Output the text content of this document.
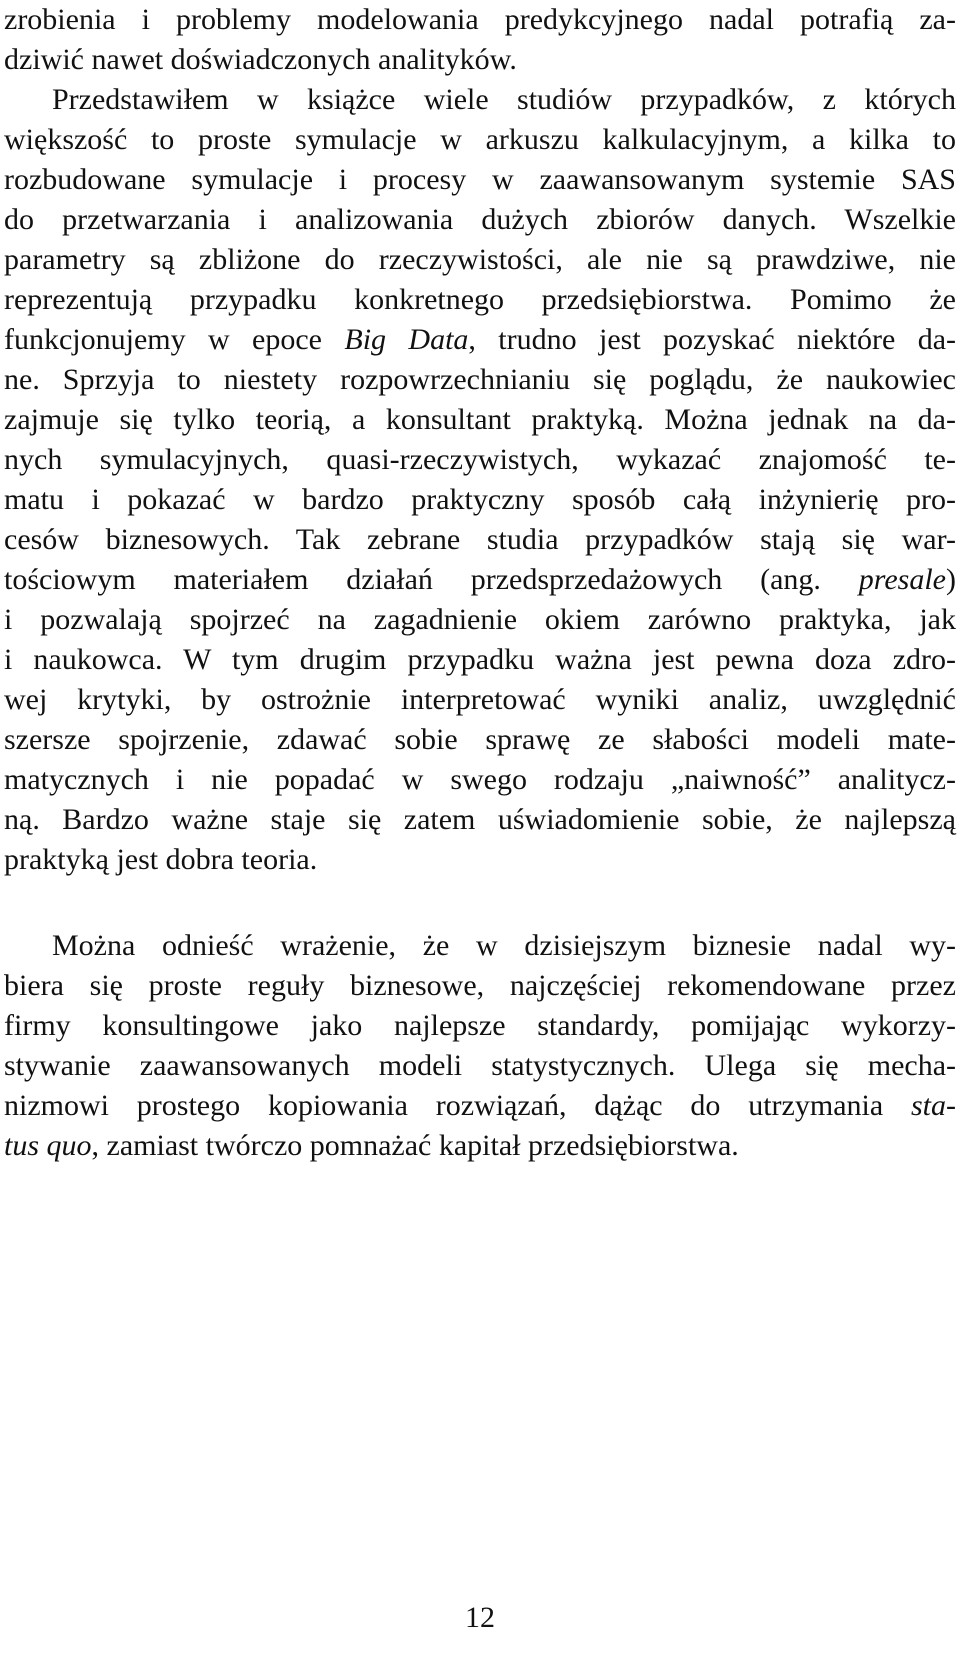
zrobienia i problemy modelowania predykcyjnego nadal potrafią za-
dziwić nawet doświadczonych analityków.
Przedstawiłem w książce wiele studiów przypadków, z których
większość to proste symulacje w arkuszu kalkulacyjnym, a kilka to
rozbudowane symulacje i procesy w zaawansowanym systemie SAS
do przetwarzania i analizowania dużych zbiorów danych. Wszelkie
parametry są zbliżone do rzeczywistości, ale nie są prawdziwe, nie
reprezentują przypadku konkretnego przedsiębiorstwa. Pomimo że
funkcjonujemy w epoce Big Data, trudno jest pozyskać niektóre da-
ne. Sprzyja to niestety rozpowrzechnianiu się poglądu, że naukowiec
zajmuje się tylko teorią, a konsultant praktyką. Można jednak na da-
nych symulacyjnych, quasi-rzeczywistych, wykazać znajomość te-
matu i pokazać w bardzo praktyczny sposób całą inżynierię pro-
cesów biznesowych. Tak zebrane studia przypadków stają się war-
tościowym materiałem działań przedsprzedażowych (ang. presale)
i pozwalają spojrzeć na zagadnienie okiem zarówno praktyka, jak
i naukowca. W tym drugim przypadku ważna jest pewna doza zdro-
wej krytyki, by ostrożnie interpretować wyniki analiz, uwzględnić
szersze spojrzenie, zdawać sobie sprawę ze słabości modeli mate-
matycznych i nie popadać w swego rodzaju „naiwność” analitycz-
ną. Bardzo ważne staje się zatem uświadomienie sobie, że najlepszą
praktyką jest dobra teoria.
Można odnieść wrażenie, że w dzisiejszym biznesie nadal wy-
biera się proste reguły biznesowe, najczęściej rekomendowane przez
firmy konsultingowe jako najlepsze standardy, pomijając wykorzy-
stywanie zaawansowanych modeli statystycznych. Ulega się mecha-
nizmowi prostego kopiowania rozwiązań, dążąc do utrzymania sta-
tus quo, zamiast twórczo pomnażać kapitał przedsiębiorstwa.
12
